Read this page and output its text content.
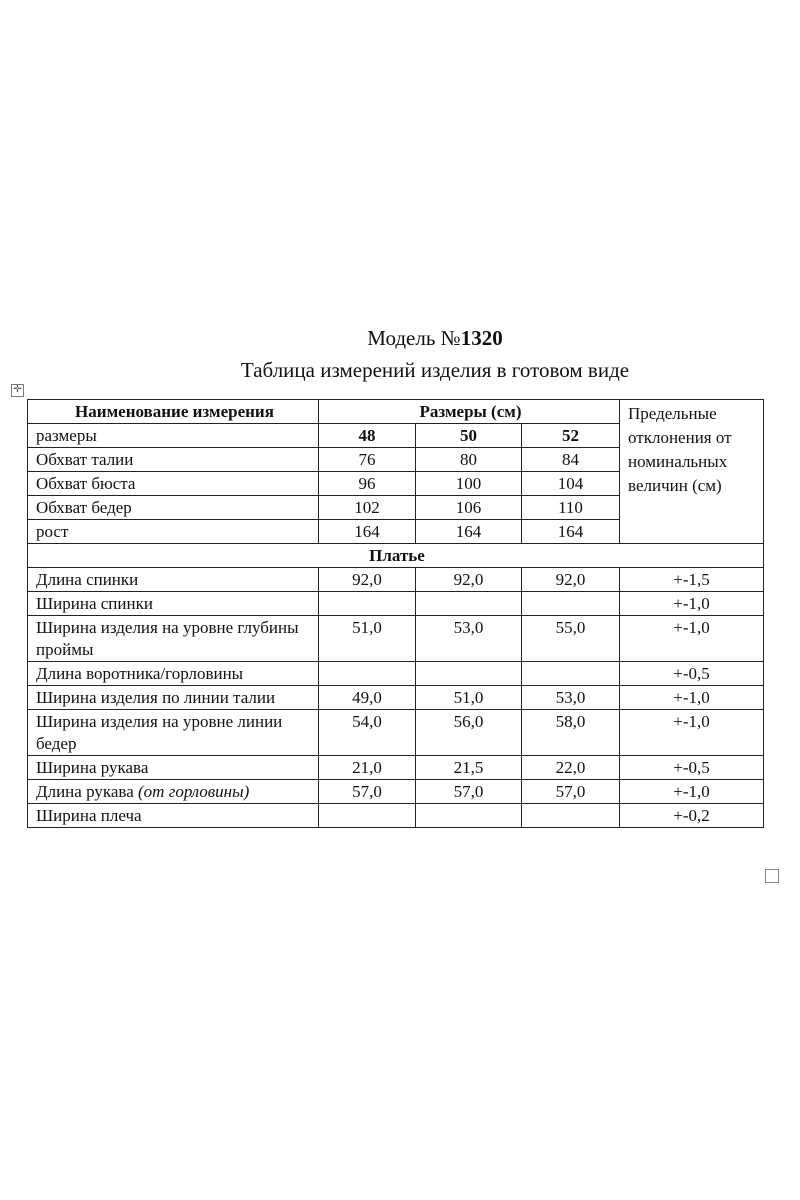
Модель №1320
Таблица измерений изделия в готовом виде
✛
Наименование измерения	Размеры (см)			Предельные отклонения от номинальных величин (см)
размеры	48	50	52	
Обхват талии	76	80	84	
Обхват бюста	96	100	104	
Обхват бедер	102	106	110	
рост	164	164	164	
Платье				
Длина спинки	92,0	92,0	92,0	+-1,5
Ширина спинки				+-1,0
Ширина изделия на уровне глубины проймы	51,0	53,0	55,0	+-1,0
Длина воротника/горловины				+-0,5
Ширина изделия по линии талии	49,0	51,0	53,0	+-1,0
Ширина изделия на уровне линии бедер	54,0	56,0	58,0	+-1,0
Ширина рукава	21,0	21,5	22,0	+-0,5
Длина рукава (от горловины)	57,0	57,0	57,0	+-1,0
Ширина плеча				+-0,2
